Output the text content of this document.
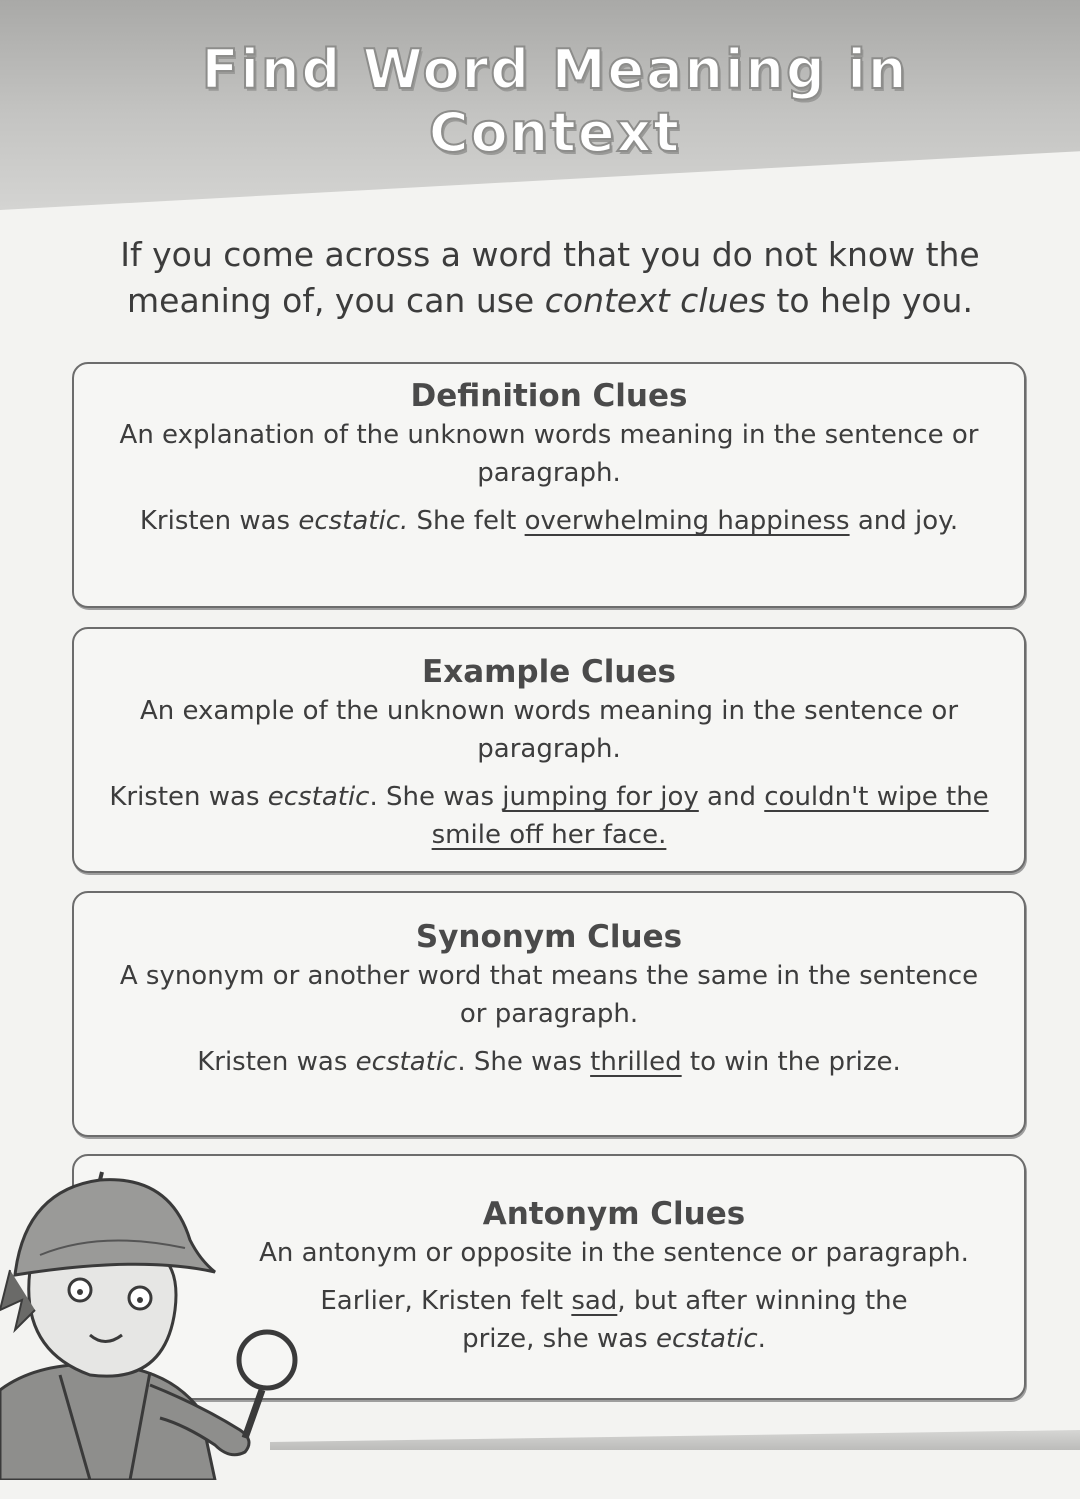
Find Word Meaning in Context
If you come across a word that you do not know the meaning of, you can use context clues to help you.
Definition Clues
An explanation of the unknown words meaning in the sentence or paragraph.
Kristen was ecstatic. She felt overwhelming happiness and joy.
Example Clues
An example of the unknown words meaning in the sentence or paragraph.
Kristen was ecstatic. She was jumping for joy and couldn't wipe the smile off her face.
Synonym Clues
A synonym or another word that means the same in the sentence or paragraph.
Kristen was ecstatic. She was thrilled to win the prize.
Antonym Clues
An antonym or opposite in the sentence or paragraph.
Earlier, Kristen felt sad, but after winning the prize, she was ecstatic.
